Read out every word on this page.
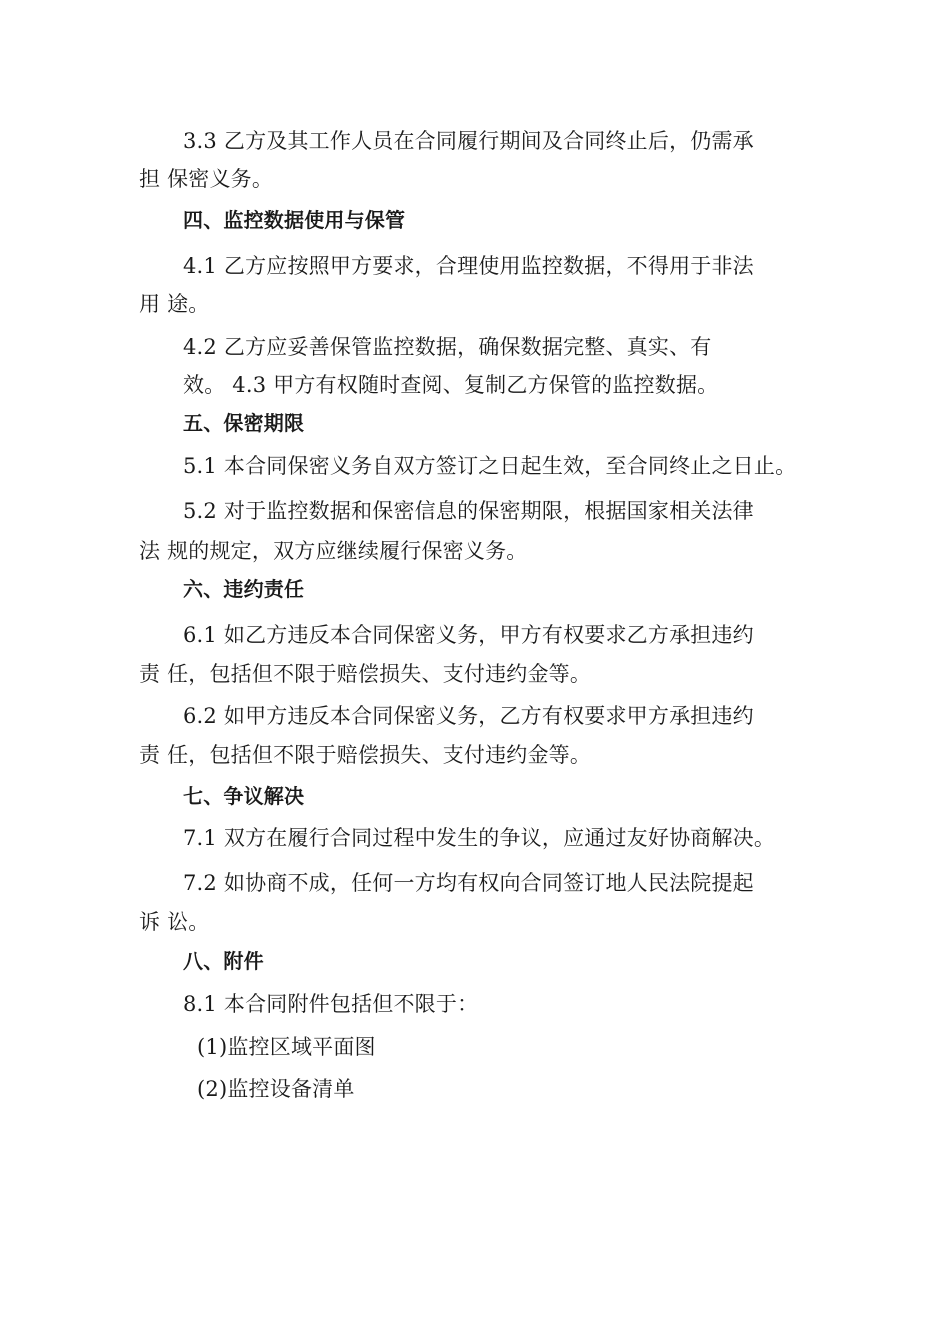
3.3 乙方及其工作人员在合同履行期间及合同终止后，仍需承
担 保密义务。
四、监控数据使用与保管
4.1 乙方应按照甲方要求，合理使用监控数据，不得用于非法
用 途。
4.2 乙方应妥善保管监控数据，确保数据完整、真实、有
效。 4.3 甲方有权随时查阅、复制乙方保管的监控数据。
五、保密期限
5.1 本合同保密义务自双方签订之日起生效，至合同终止之日止。
5.2 对于监控数据和保密信息的保密期限，根据国家相关法律
法 规的规定，双方应继续履行保密义务。
六、违约责任
6.1 如乙方违反本合同保密义务，甲方有权要求乙方承担违约
责 任，包括但不限于赔偿损失、支付违约金等。
6.2 如甲方违反本合同保密义务，乙方有权要求甲方承担违约
责 任，包括但不限于赔偿损失、支付违约金等。
七、争议解决
7.1 双方在履行合同过程中发生的争议，应通过友好协商解决。
7.2 如协商不成，任何一方均有权向合同签订地人民法院提起
诉 讼。
八、附件
8.1 本合同附件包括但不限于：
(1)监控区域平面图
(2)监控设备清单
